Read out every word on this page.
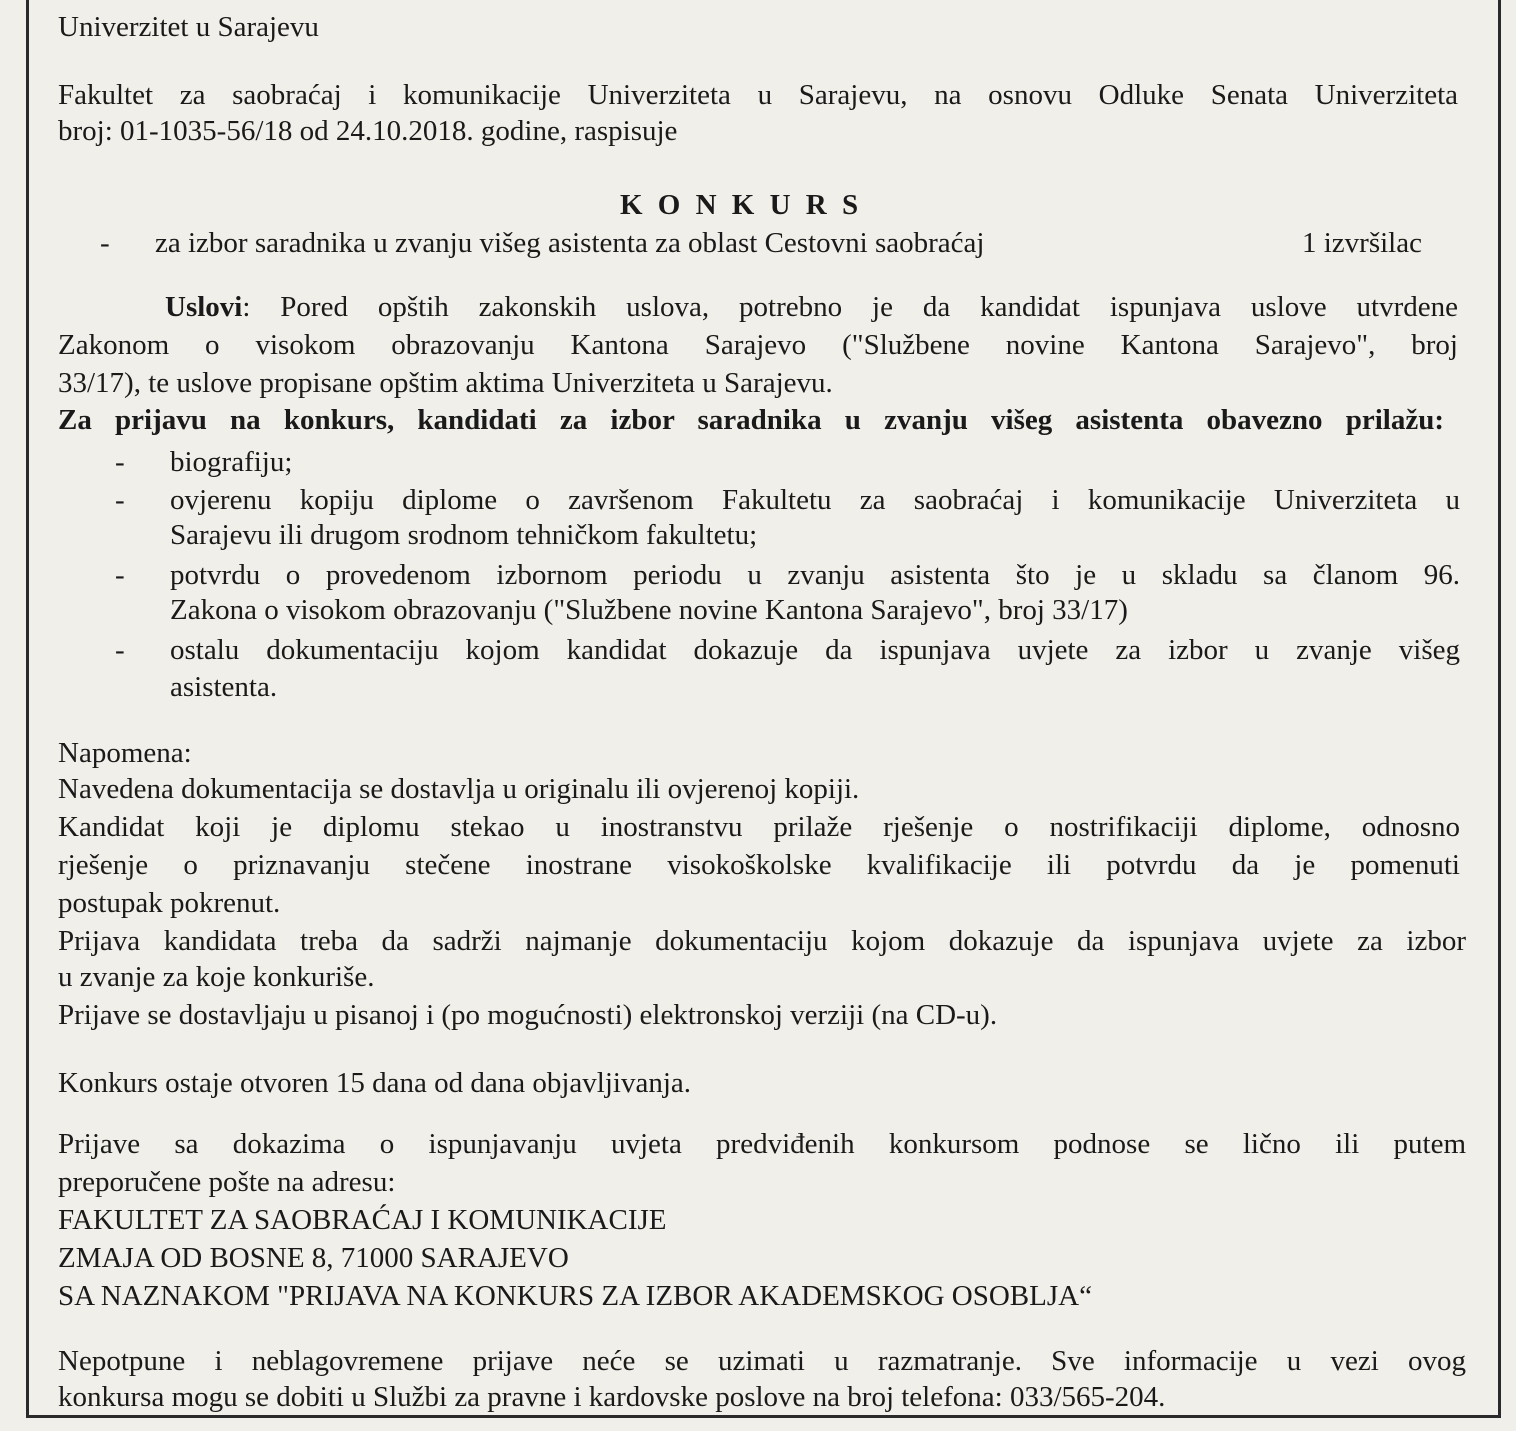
Univerzitet u Sarajevu
Fakultet za saobraćaj i komunikacije Univerziteta u Sarajevu, na osnovu Odluke Senata Univerziteta
broj: 01-1035-56/18 od 24.10.2018. godine, raspisuje
K O N K U R S
- za izbor saradnika u zvanju višeg asistenta za oblast Cestovni saobraćaj	1 izvršilac
Uslovi: Pored opštih zakonskih uslova, potrebno je da kandidat ispunjava uslove utvrdene
Zakonom o visokom obrazovanju Kantona Sarajevo ("Službene novine Kantona Sarajevo", broj
33/17), te uslove propisane opštim aktima Univerziteta u Sarajevu.
Za prijavu na konkurs, kandidati za izbor saradnika u zvanju višeg asistenta obavezno prilažu:
- biografiju;
- ovjerenu kopiju diplome o završenom Fakultetu za saobraćaj i komunikacije Univerziteta u
Sarajevu ili drugom srodnom tehničkom fakultetu;
- potvrdu o provedenom izbornom periodu u zvanju asistenta što je u skladu sa članom 96.
Zakona o visokom obrazovanju ("Službene novine Kantona Sarajevo", broj 33/17)
- ostalu dokumentaciju kojom kandidat dokazuje da ispunjava uvjete za izbor u zvanje višeg
asistenta.
Napomena:
Navedena dokumentacija se dostavlja u originalu ili ovjerenoj kopiji.
Kandidat koji je diplomu stekao u inostranstvu prilaže rješenje o nostrifikaciji diplome, odnosno
rješenje o priznavanju stečene inostrane visokoškolske kvalifikacije ili potvrdu da je pomenuti
postupak pokrenut.
Prijava kandidata treba da sadrži najmanje dokumentaciju kojom dokazuje da ispunjava uvjete za izbor
u zvanje za koje konkuriše.
Prijave se dostavljaju u pisanoj i (po mogućnosti) elektronskoj verziji (na CD-u).
Konkurs ostaje otvoren 15 dana od dana objavljivanja.
Prijave sa dokazima o ispunjavanju uvjeta predviđenih konkursom podnose se lično ili putem
preporučene pošte na adresu:
FAKULTET ZA SAOBRAĆAJ I KOMUNIKACIJE
ZMAJA OD BOSNE 8, 71000 SARAJEVO
SA NAZNAKOM "PRIJAVA NA KONKURS ZA IZBOR AKADEMSKOG OSOBLJA“
Nepotpune i neblagovremene prijave neće se uzimati u razmatranje. Sve informacije u vezi ovog
konkursa mogu se dobiti u Službi za pravne i kardovske poslove na broj telefona: 033/565-204.
